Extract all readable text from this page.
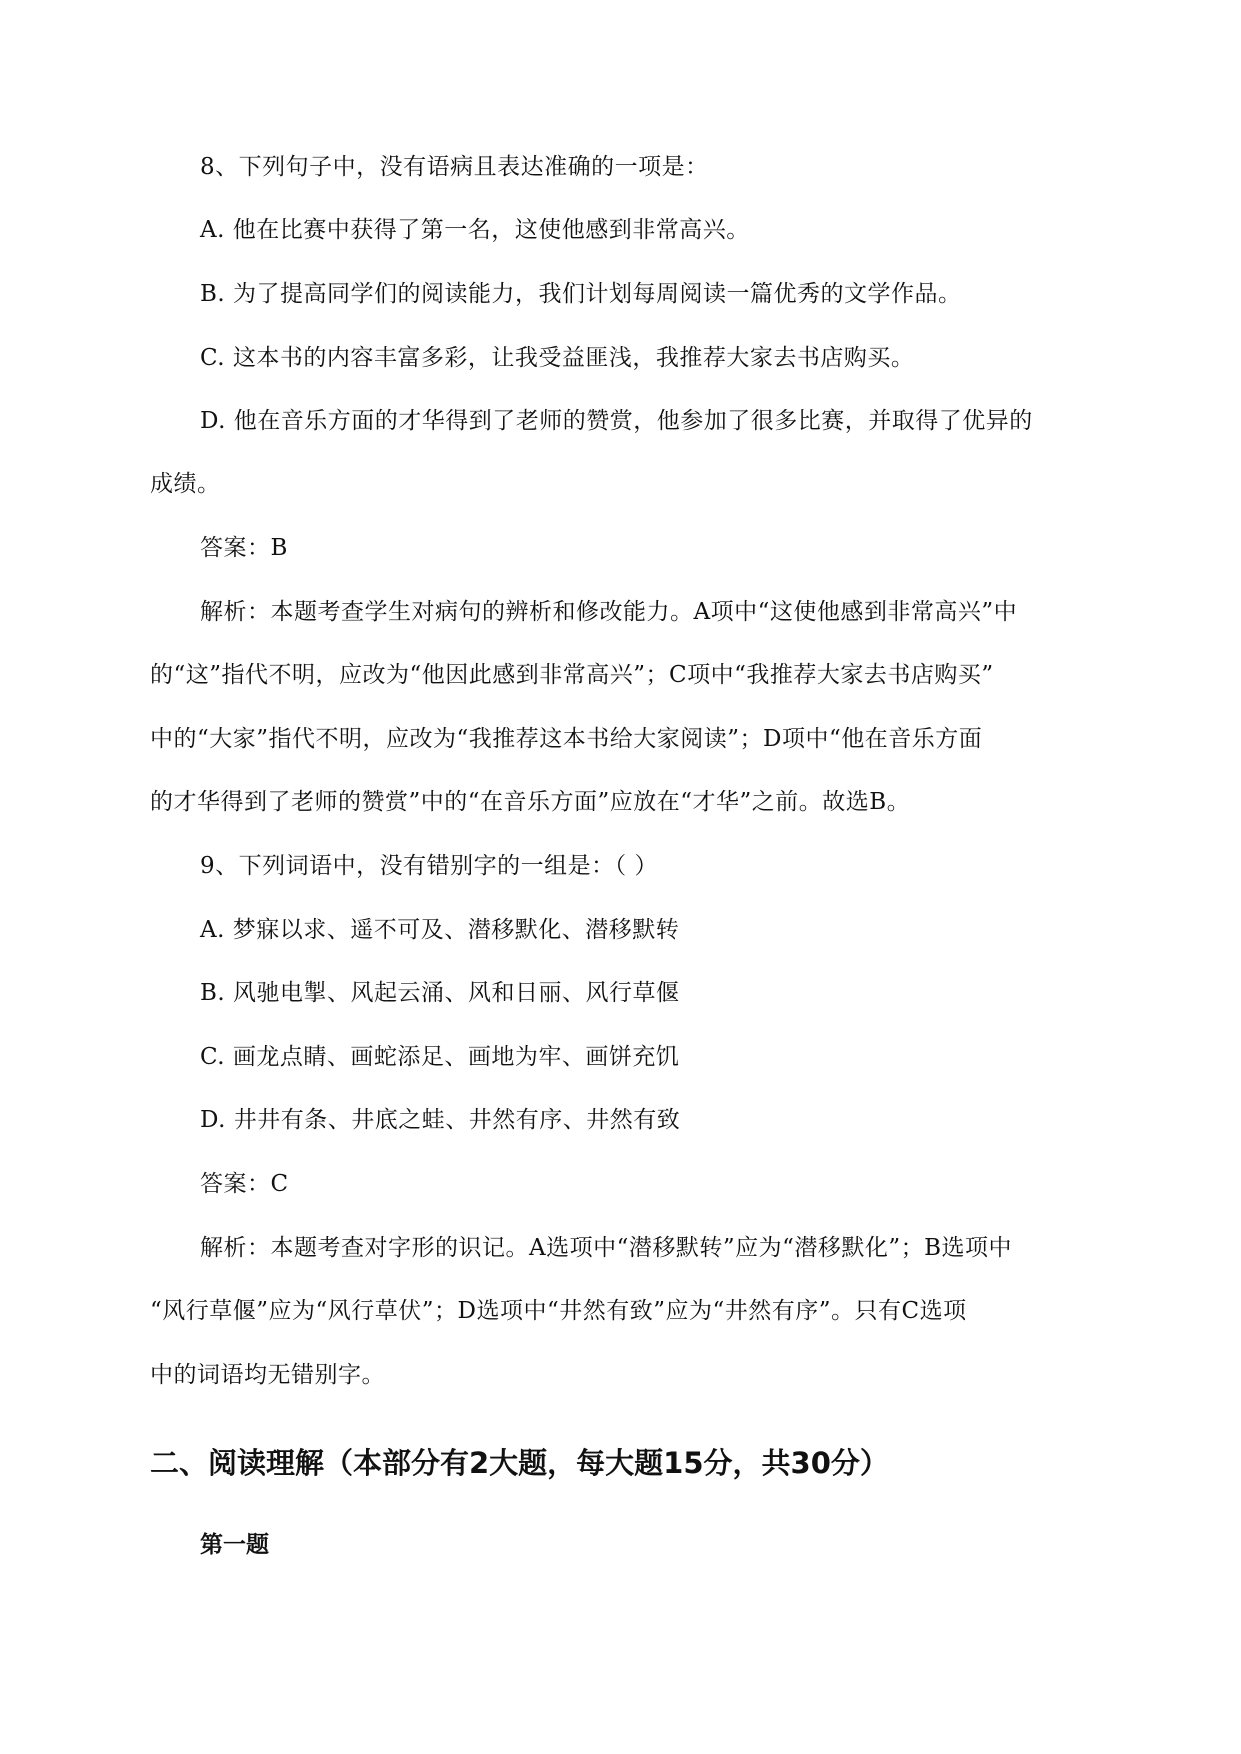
8、下列句子中，没有语病且表达准确的一项是：
A. 他在比赛中获得了第一名，这使他感到非常高兴。
B. 为了提高同学们的阅读能力，我们计划每周阅读一篇优秀的文学作品。
C. 这本书的内容丰富多彩，让我受益匪浅，我推荐大家去书店购买。
D. 他在音乐方面的才华得到了老师的赞赏，他参加了很多比赛，并取得了优异的
成绩。
答案：B
解析：本题考查学生对病句的辨析和修改能力。A项中“这使他感到非常高兴”中
的“这”指代不明，应改为“他因此感到非常高兴”；C项中“我推荐大家去书店购买”
中的“大家”指代不明，应改为“我推荐这本书给大家阅读”；D项中“他在音乐方面
的才华得到了老师的赞赏”中的“在音乐方面”应放在“才华”之前。故选B。
9、下列词语中，没有错别字的一组是：（ ）
A. 梦寐以求、遥不可及、潜移默化、潜移默转
B. 风驰电掣、风起云涌、风和日丽、风行草偃
C. 画龙点睛、画蛇添足、画地为牢、画饼充饥
D. 井井有条、井底之蛙、井然有序、井然有致
答案：C
解析：本题考查对字形的识记。A选项中“潜移默转”应为“潜移默化”；B选项中
“风行草偃”应为“风行草伏”；D选项中“井然有致”应为“井然有序”。只有C选项
中的词语均无错别字。
二、阅读理解（本部分有2大题，每大题15分，共30分）
第一题
